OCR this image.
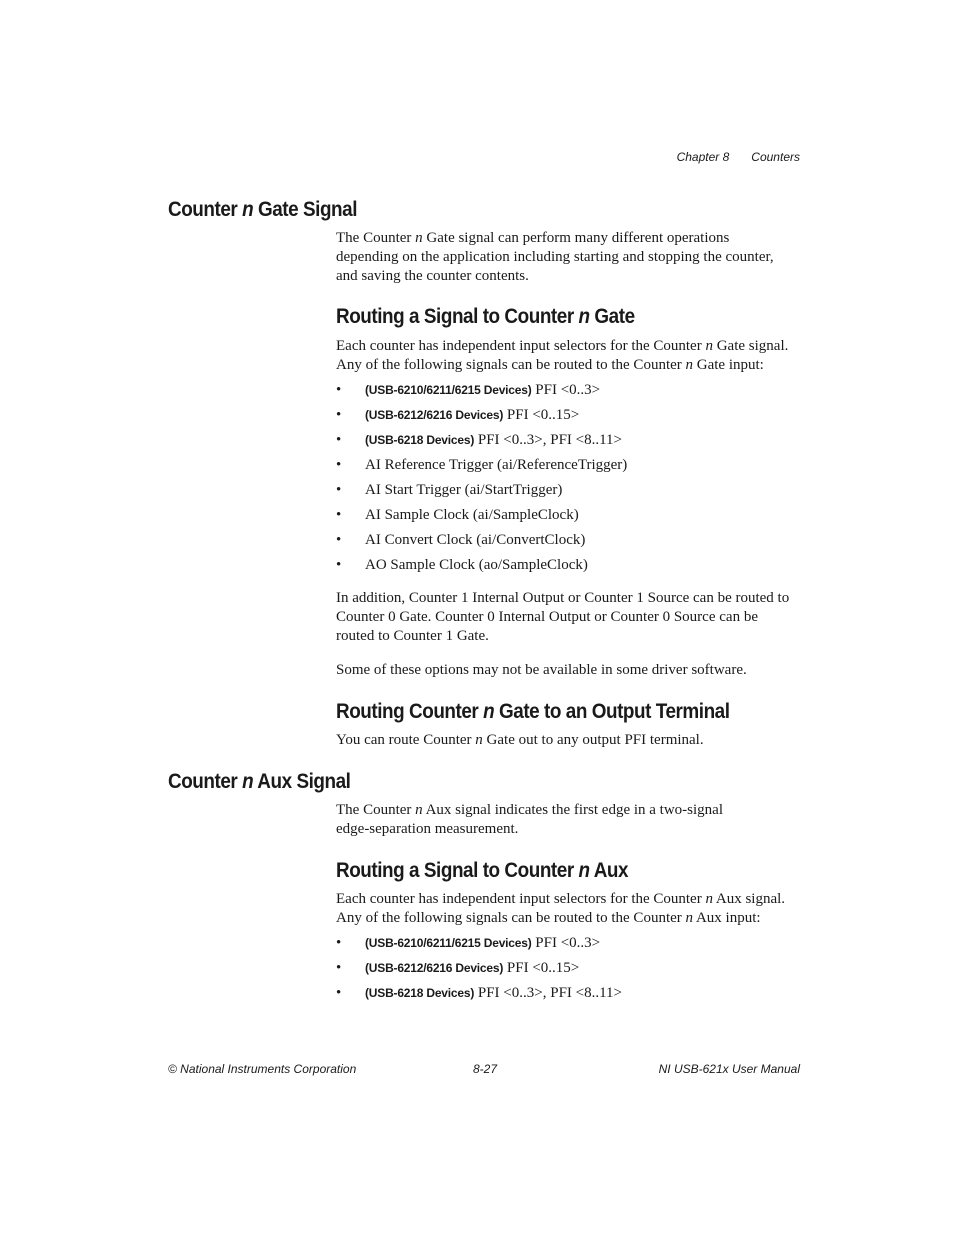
Chapter 8 Counters
Counter n Gate Signal
The Counter n Gate signal can perform many different operations
depending on the application including starting and stopping the counter,
and saving the counter contents.
Routing a Signal to Counter n Gate
Each counter has independent input selectors for the Counter n Gate signal.
Any of the following signals can be routed to the Counter n Gate input:
• (USB-6210/6211/6215 Devices) PFI <0..3>
• (USB-6212/6216 Devices) PFI <0..15>
• (USB-6218 Devices) PFI <0..3>, PFI <8..11>
• AI Reference Trigger (ai/ReferenceTrigger)
• AI Start Trigger (ai/StartTrigger)
• AI Sample Clock (ai/SampleClock)
• AI Convert Clock (ai/ConvertClock)
• AO Sample Clock (ao/SampleClock)
In addition, Counter 1 Internal Output or Counter 1 Source can be routed to
Counter 0 Gate. Counter 0 Internal Output or Counter 0 Source can be
routed to Counter 1 Gate.
Some of these options may not be available in some driver software.
Routing Counter n Gate to an Output Terminal
You can route Counter n Gate out to any output PFI terminal.
Counter n Aux Signal
The Counter n Aux signal indicates the first edge in a two-signal
edge-separation measurement.
Routing a Signal to Counter n Aux
Each counter has independent input selectors for the Counter n Aux signal.
Any of the following signals can be routed to the Counter n Aux input:
• (USB-6210/6211/6215 Devices) PFI <0..3>
• (USB-6212/6216 Devices) PFI <0..15>
• (USB-6218 Devices) PFI <0..3>, PFI <8..11>
© National Instruments Corporation	8-27	NI USB-621x User Manual
